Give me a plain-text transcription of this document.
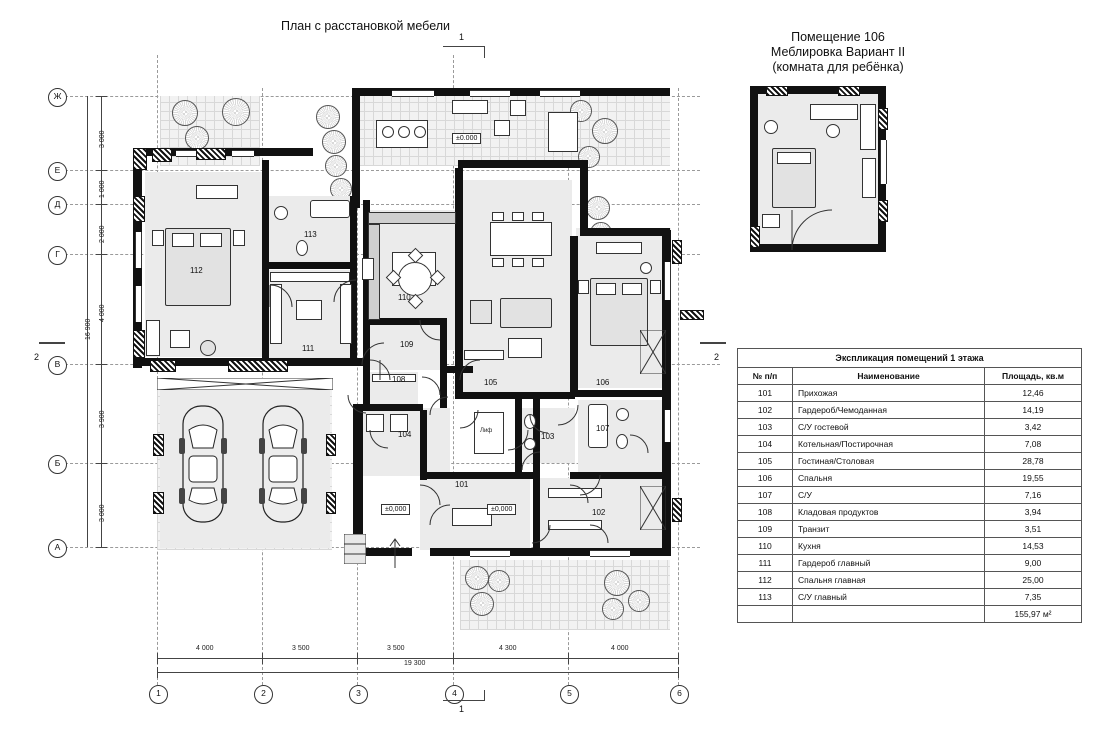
План с расстановкой мебели
Помещение 106
Меблировка Вариант II
(комната для ребёнка)
Ж
Е
Д
Г
В
Б
А
1	2	3	4	5	6
4 000	3 500	3 500	4 300	4 000
19 300
3 000
1 000
2 000
4 000
3 900
3 000
16 900
1
1
2	2
112
113
111
110
105	106
109
108
104	103
107
101
102
Лиф
±0.000
±0,000	±0,000
Экспликация помещений 1 этажа		
№ п/п	Наименование	Площадь, кв.м
101	Прихожая	12,46
102	Гардероб/Чемоданная	14,19
103	С/У гостевой	3,42
104	Котельная/Постирочная	7,08
105	Гостиная/Столовая	28,78
106	Спальня	19,55
107	С/У	7,16
108	Кладовая продуктов	3,94
109	Транзит	3,51
110	Кухня	14,53
111	Гардероб главный	9,00
112	Спальня главная	25,00
113	С/У главный	7,35
		155,97 м²
